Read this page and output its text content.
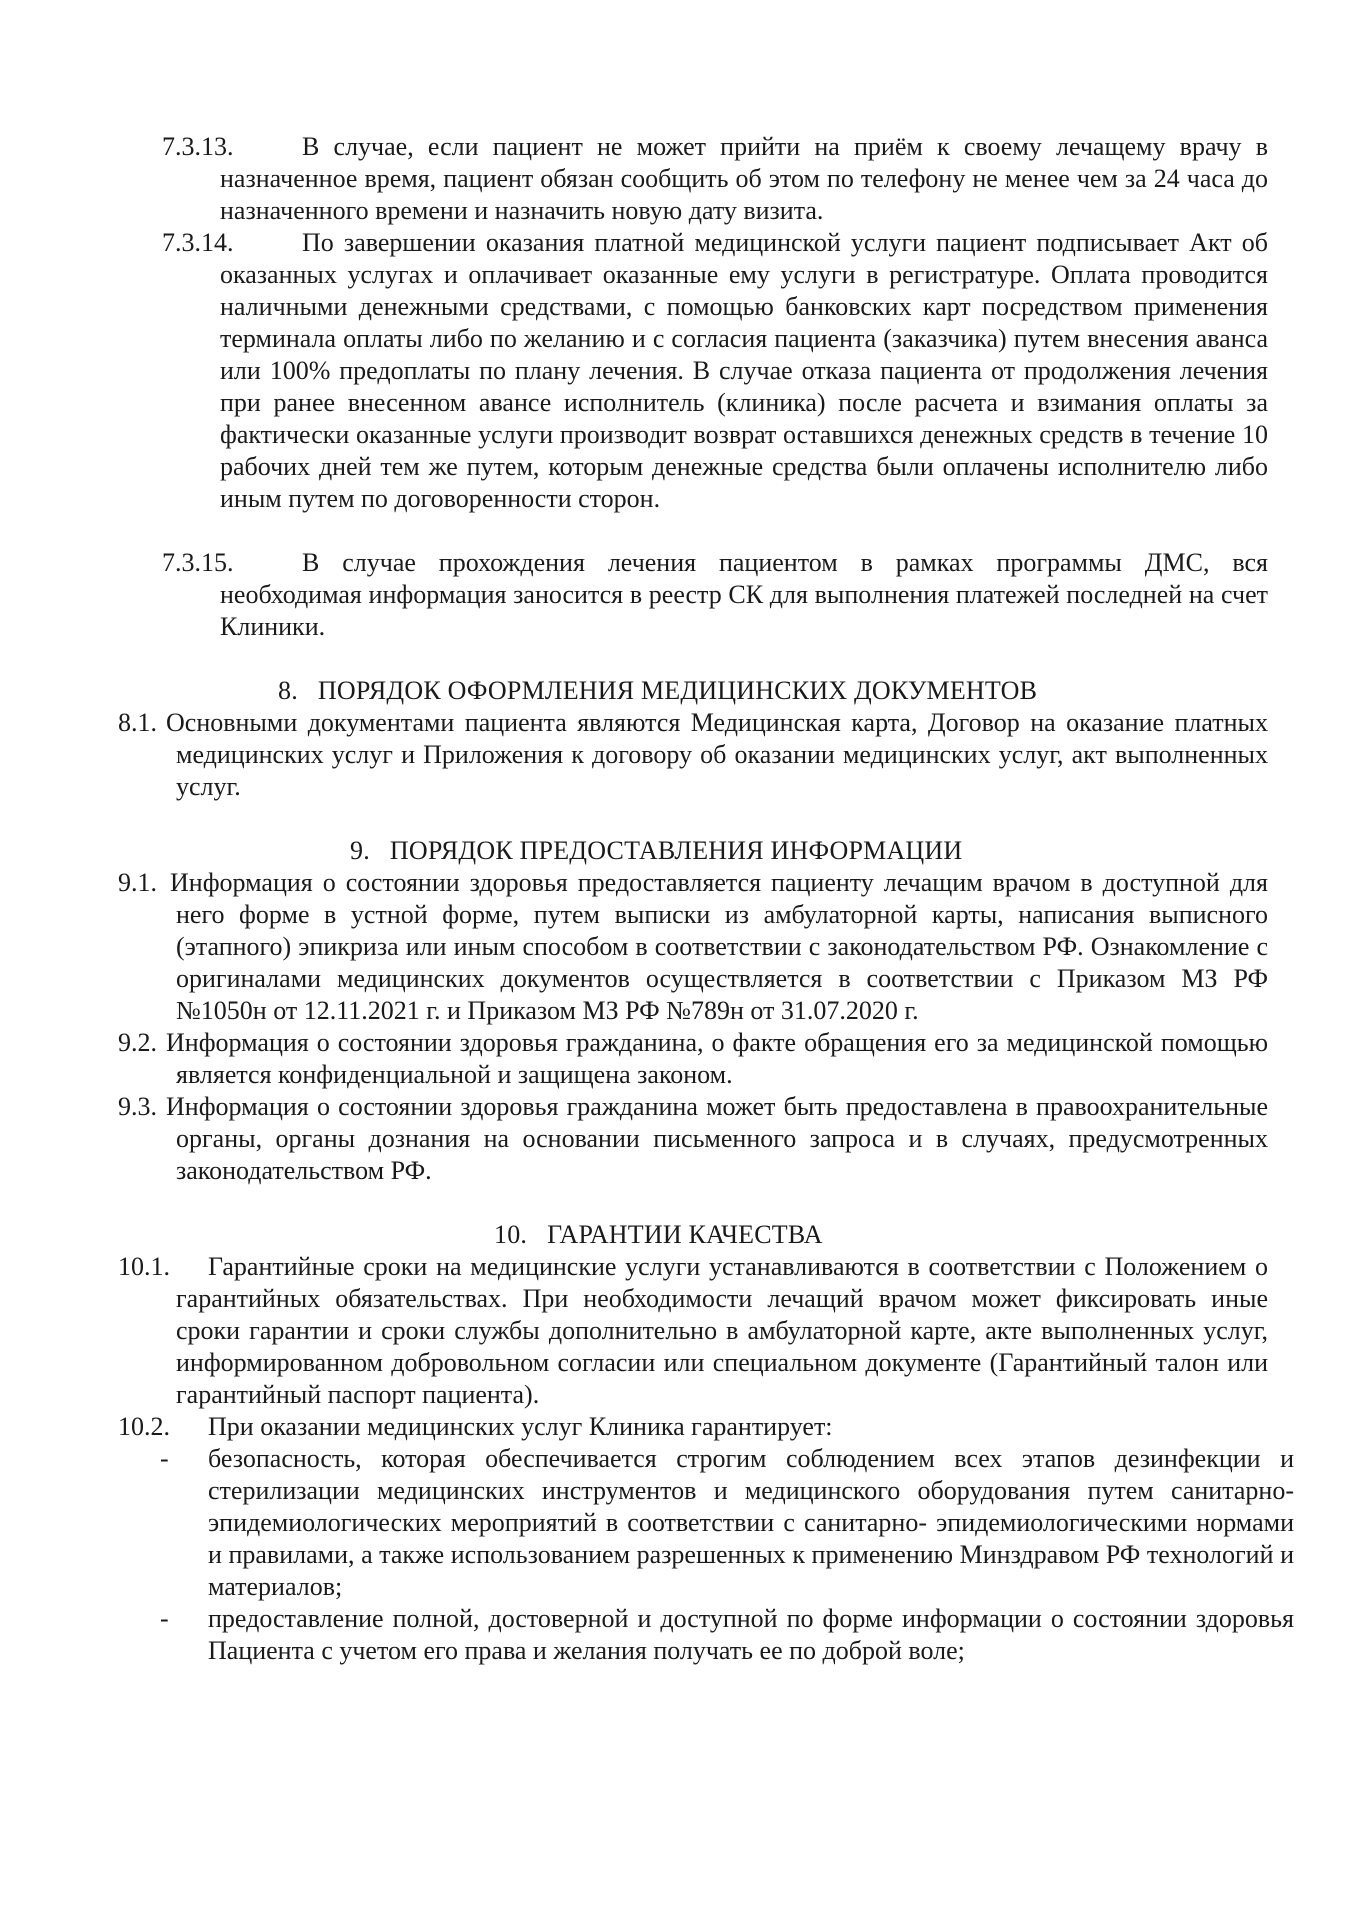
7.3.13.	В случае, если пациент не может прийти на приём к своему лечащему врачу в назначенное время, пациент обязан сообщить об этом по телефону не менее чем за 24 часа до назначенного времени и назначить новую дату визита.
7.3.14.	По завершении оказания платной медицинской услуги пациент подписывает Акт об оказанных услугах и оплачивает оказанные ему услуги в регистратуре. Оплата проводится наличными денежными средствами, с помощью банковских карт посредством применения терминала оплаты либо по желанию и с согласия пациента (заказчика) путем внесения аванса или 100% предоплаты по плану лечения. В случае отказа пациента от продолжения лечения при ранее внесенном авансе исполнитель (клиника) после расчета и взимания оплаты за фактически оказанные услуги производит возврат оставшихся денежных средств в течение 10 рабочих дней тем же путем, которым денежные средства были оплачены исполнителю либо иным путем по договоренности сторон.
7.3.15.	В случае прохождения лечения пациентом в рамках программы ДМС, вся необходимая информация заносится в реестр СК для выполнения платежей последней на счет Клиники.
8. ПОРЯДОК ОФОРМЛЕНИЯ МЕДИЦИНСКИХ ДОКУМЕНТОВ
8.1. Основными документами пациента являются Медицинская карта, Договор на оказание платных медицинских услуг и Приложения к договору об оказании медицинских услуг, акт выполненных услуг.
9. ПОРЯДОК ПРЕДОСТАВЛЕНИЯ ИНФОРМАЦИИ
9.1. Информация о состоянии здоровья предоставляется пациенту лечащим врачом в доступной для него форме в устной форме, путем выписки из амбулаторной карты, написания выписного (этапного) эпикриза или иным способом в соответствии с законодательством РФ. Ознакомление с оригиналами медицинских документов осуществляется в соответствии с Приказом МЗ РФ №1050н от 12.11.2021 г. и Приказом МЗ РФ №789н от 31.07.2020 г.
9.2. Информация о состоянии здоровья гражданина, о факте обращения его за медицинской помощью является конфиденциальной и защищена законом.
9.3. Информация о состоянии здоровья гражданина может быть предоставлена в правоохранительные органы, органы дознания на основании письменного запроса и в случаях, предусмотренных законодательством РФ.
10. ГАРАНТИИ КАЧЕСТВА
10.1.	Гарантийные сроки на медицинские услуги устанавливаются в соответствии с Положением о гарантийных обязательствах. При необходимости лечащий врачом может фиксировать иные сроки гарантии и сроки службы дополнительно в амбулаторной карте, акте выполненных услуг, информированном добровольном согласии или специальном документе (Гарантийный талон или гарантийный паспорт пациента).
10.2.	При оказании медицинских услуг Клиника гарантирует:
- безопасность, которая обеспечивается строгим соблюдением всех этапов дезинфекции и стерилизации медицинских инструментов и медицинского оборудования путем санитарно-эпидемиологических мероприятий в соответствии с санитарно- эпидемиологическими нормами и правилами, а также использованием разрешенных к применению Минздравом РФ технологий и материалов;
- предоставление полной, достоверной и доступной по форме информации о состоянии здоровья Пациента с учетом его права и желания получать ее по доброй воле;
